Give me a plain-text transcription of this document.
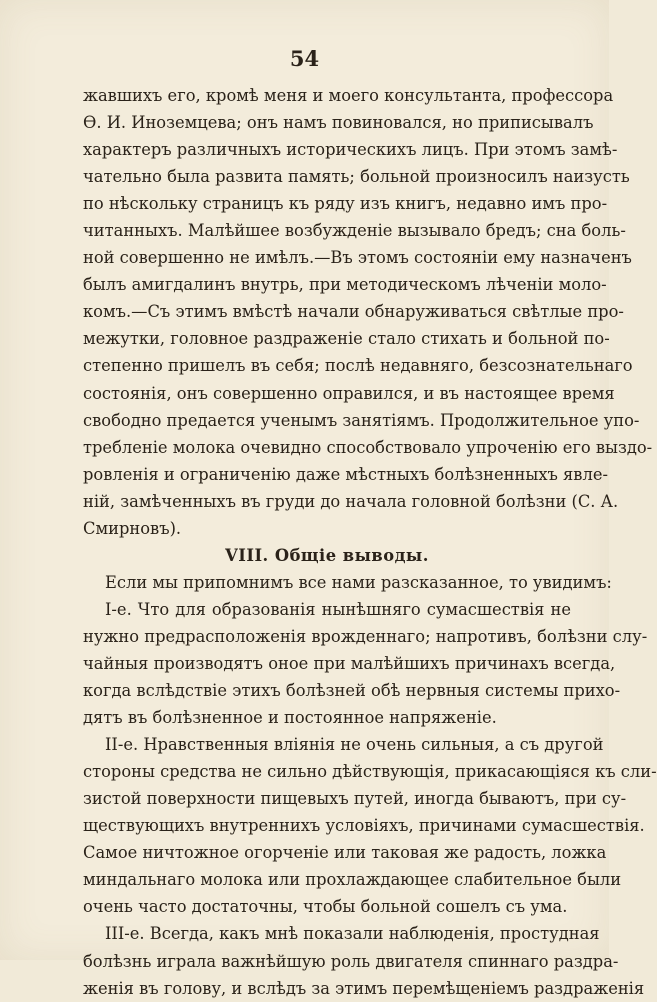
54
жавшихъ его, кромѣ меня и моего консультанта, профессора
Ѳ. И. Иноземцева; онъ намъ повиновался, но приписывалъ
характеръ различныхъ историческихъ лицъ. При этомъ замѣ-
чательно была развита память; больной произносилъ наизусть
по нѣскольку страницъ къ ряду изъ книгъ, недавно имъ про-
читанныхъ. Малѣйшее возбужденіе вызывало бредъ; сна боль-
ной совершенно не имѣлъ.—Въ этомъ состояніи ему назначенъ
былъ амигдалинъ внутрь, при методическомъ лѣченіи моло-
комъ.—Съ этимъ вмѣстѣ начали обнаруживаться свѣтлые про-
межутки, головное раздраженіе стало стихать и больной по-
степенно пришелъ въ себя; послѣ недавняго, безсознательнаго
состоянія, онъ совершенно оправился, и въ настоящее время
свободно предается ученымъ занятіямъ. Продолжительное упо-
требленіе молока очевидно способствовало упроченію его выздо-
ровленія и ограниченію даже мѣстныхъ болѣзненныхъ явле-
ній, замѣченныхъ въ груди до начала головной болѣзни (С. А.
Смирновъ).
VIII. Общіе выводы.
Если мы припомнимъ все нами разсказанное, то увидимъ:
I-е. Что для образованія нынѣшняго сумасшествія не
нужно предрасположенія врожденнаго; напротивъ, болѣзни слу-
чайныя производятъ оное при малѣйшихъ причинахъ всегда,
когда вслѣдствіе этихъ болѣзней обѣ нервныя системы прихо-
дятъ въ болѣзненное и постоянное напряженіе.
II-е. Нравственныя вліянія не очень сильныя, а съ другой
стороны средства не сильно дѣйствующія, прикасающіяся къ сли-
зистой поверхности пищевыхъ путей, иногда бываютъ, при су-
ществующихъ внутреннихъ условіяхъ, причинами сумасшествія.
Самое ничтожное огорченіе или таковая же радость, ложка
миндальнаго молока или прохлаждающее слабительное были
очень часто достаточны, чтобы больной сошелъ съ ума.
III-е. Всегда, какъ мнѣ показали наблюденія, простудная
болѣзнь играла важнѣйшую роль двигателя спиннаго раздра-
женія въ голову, и вслѣдъ за этимъ перемѣщеніемъ раздраженія
